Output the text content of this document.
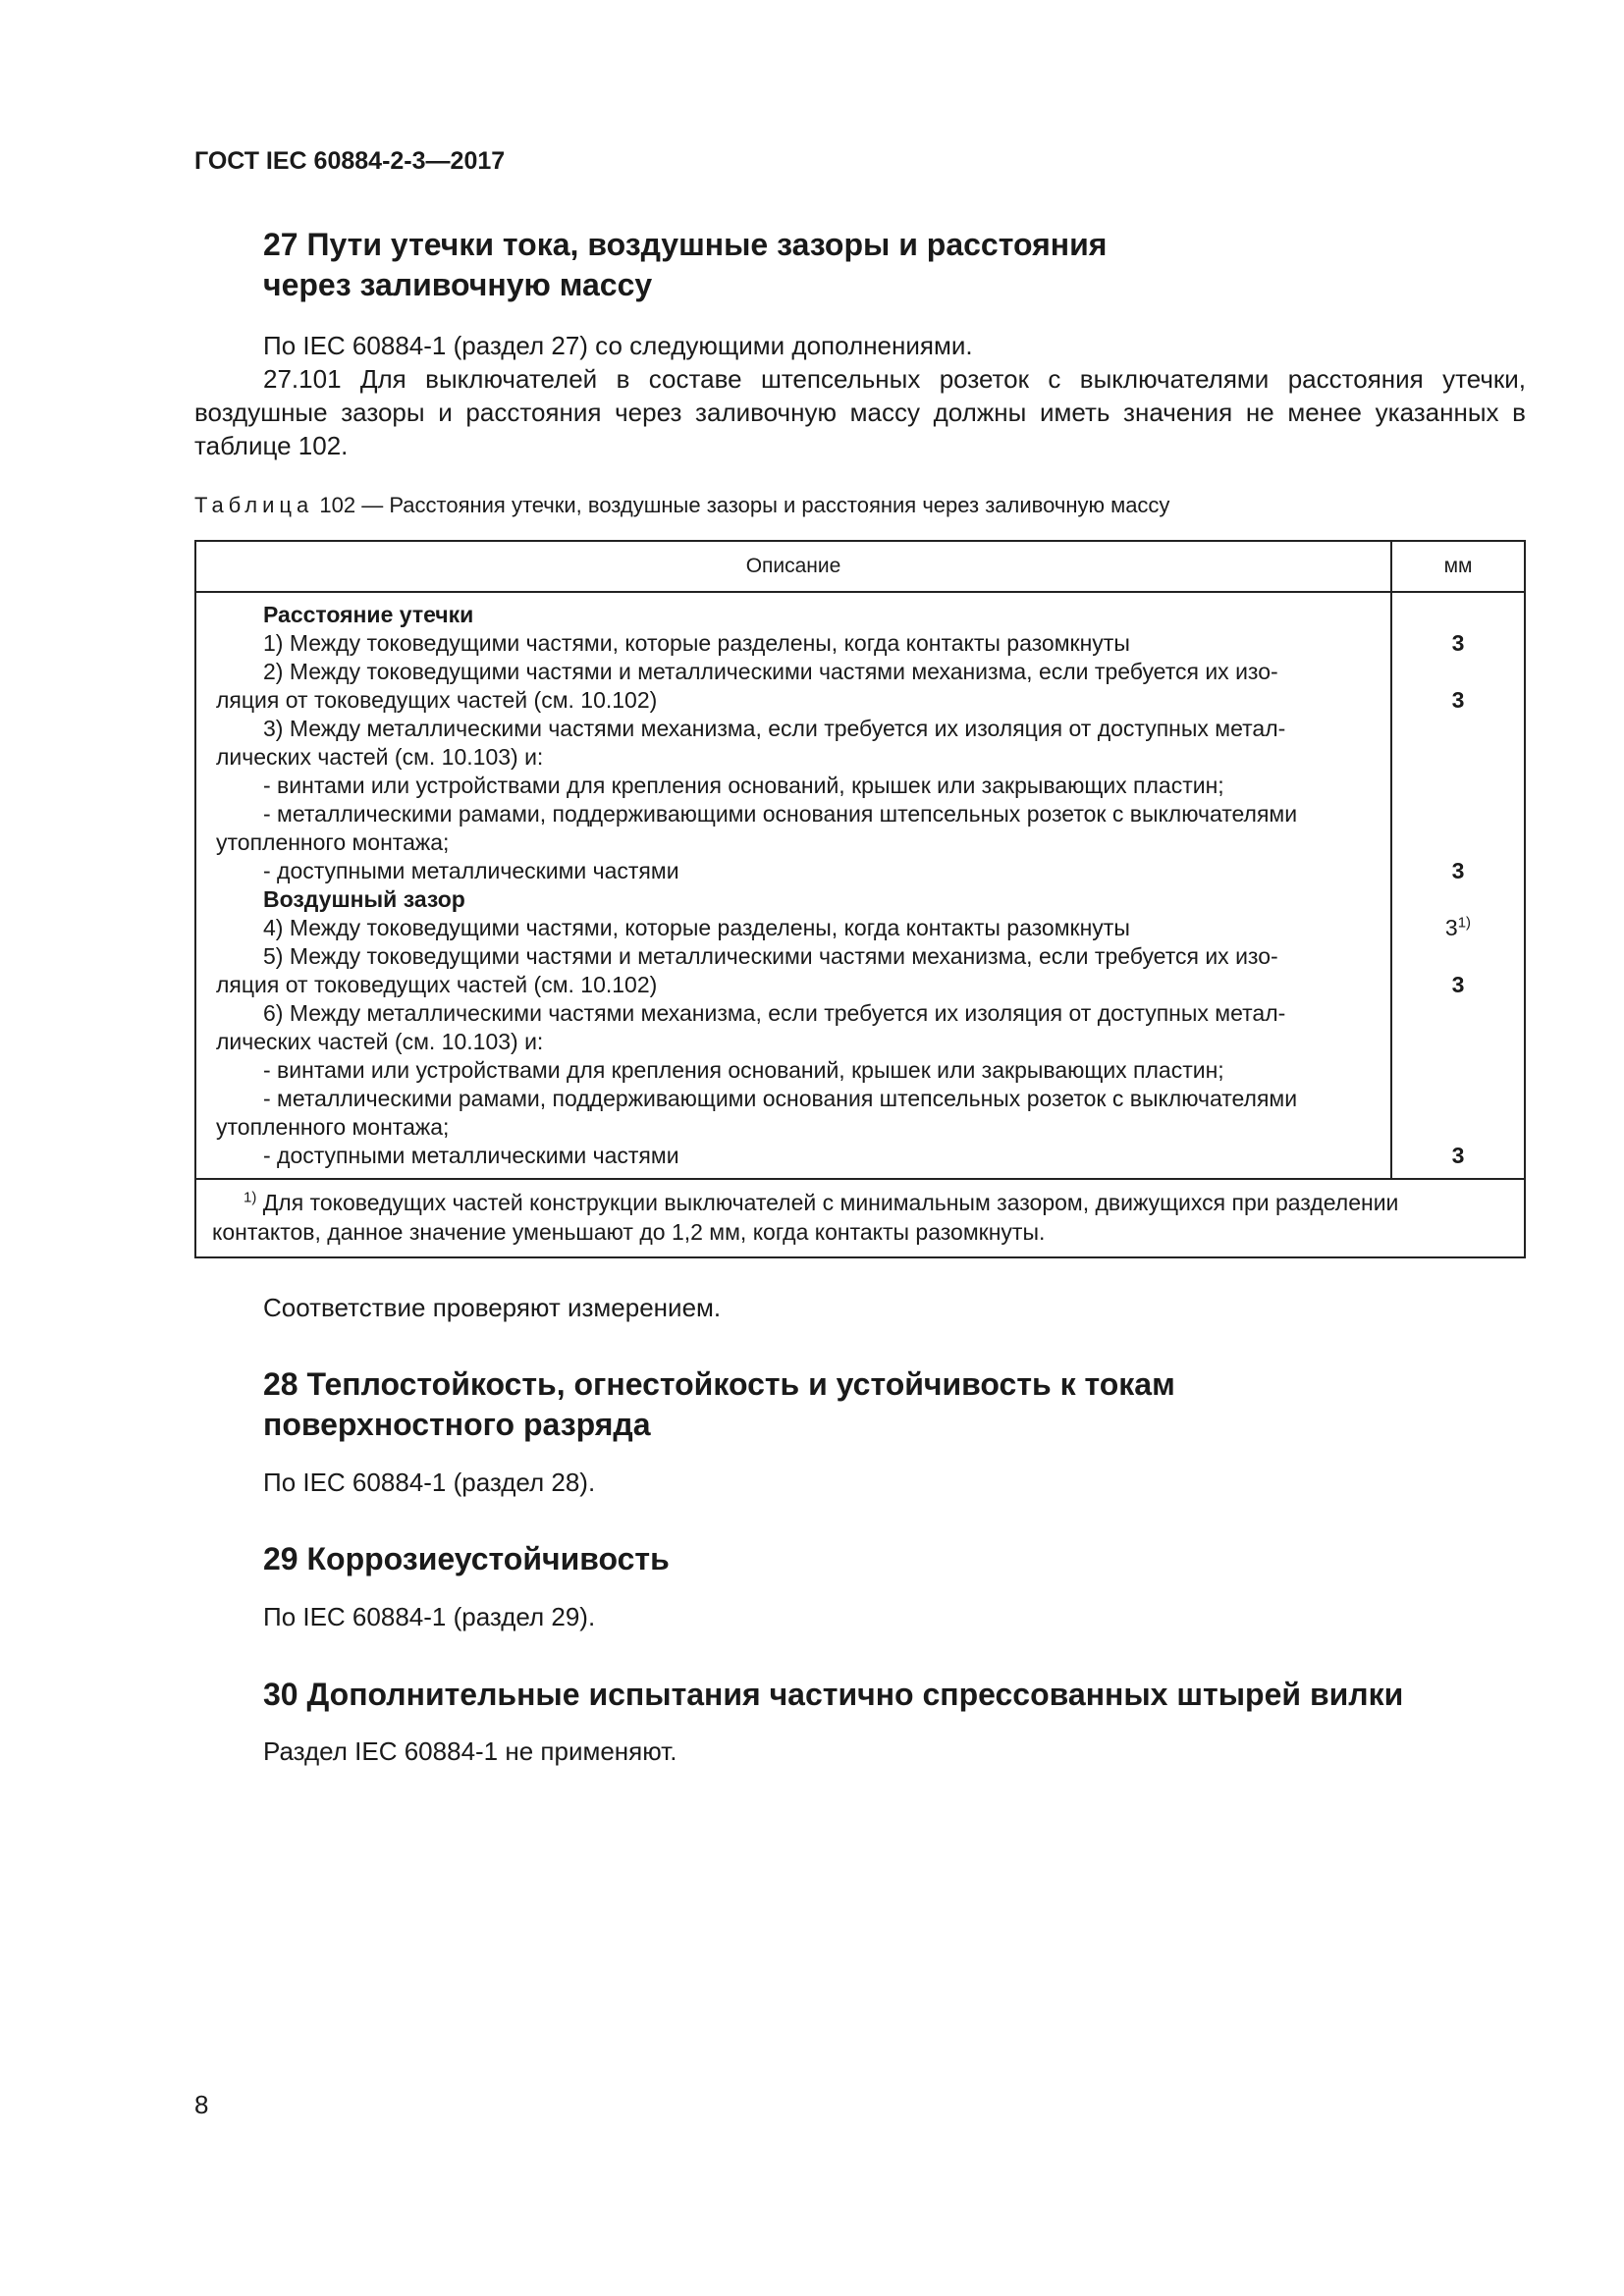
ГОСТ IEC 60884-2-3—2017
27 Пути утечки тока, воздушные зазоры и расстояния
через заливочную массу
По IEC 60884-1 (раздел 27) со следующими дополнениями.
27.101 Для выключателей в составе штепсельных розеток с выключателями расстояния утечки, воздушные зазоры и расстояния через заливочную массу должны иметь значения не менее указанных в таблице 102.
Таблица 102 — Расстояния утечки, воздушные зазоры и расстояния через заливочную массу
Описание	мм
Расстояние утечки
1) Между токоведущими частями, которые разделены, когда контакты разомкнуты
2) Между токоведущими частями и металлическими частями механизма, если требуется их изо-
ляция от токоведущих частей (см. 10.102)
3) Между металлическими частями механизма, если требуется их изоляция от доступных метал-
лических частей (см. 10.103) и:
- винтами или устройствами для крепления оснований, крышек или закрывающих пластин;
- металлическими рамами, поддерживающими основания штепсельных розеток с выключателями
утопленного монтажа;
- доступными металлическими частями
Воздушный зазор
4) Между токоведущими частями, которые разделены, когда контакты разомкнуты
5) Между токоведущими частями и металлическими частями механизма, если требуется их изо-
ляция от токоведущих частей (см. 10.102)
6) Между металлическими частями механизма, если требуется их изоляция от доступных метал-
лических частей (см. 10.103) и:
- винтами или устройствами для крепления оснований, крышек или закрывающих пластин;
- металлическими рамами, поддерживающими основания штепсельных розеток с выключателями
утопленного монтажа;
- доступными металлическими частями
3
3
3
3$^{1)}$
3
3
$^{1)}$ Для токоведущих частей конструкции выключателей с минимальным зазором, движущихся при разделении
контактов, данное значение уменьшают до 1,2 мм, когда контакты разомкнуты.
Соответствие проверяют измерением.
28 Теплостойкость, огнестойкость и устойчивость к токам
поверхностного разряда
По IEC 60884-1 (раздел 28).
29 Коррозиеустойчивость
По IEC 60884-1 (раздел 29).
30 Дополнительные испытания частично спрессованных штырей вилки
Раздел IEC 60884-1 не применяют.
8
